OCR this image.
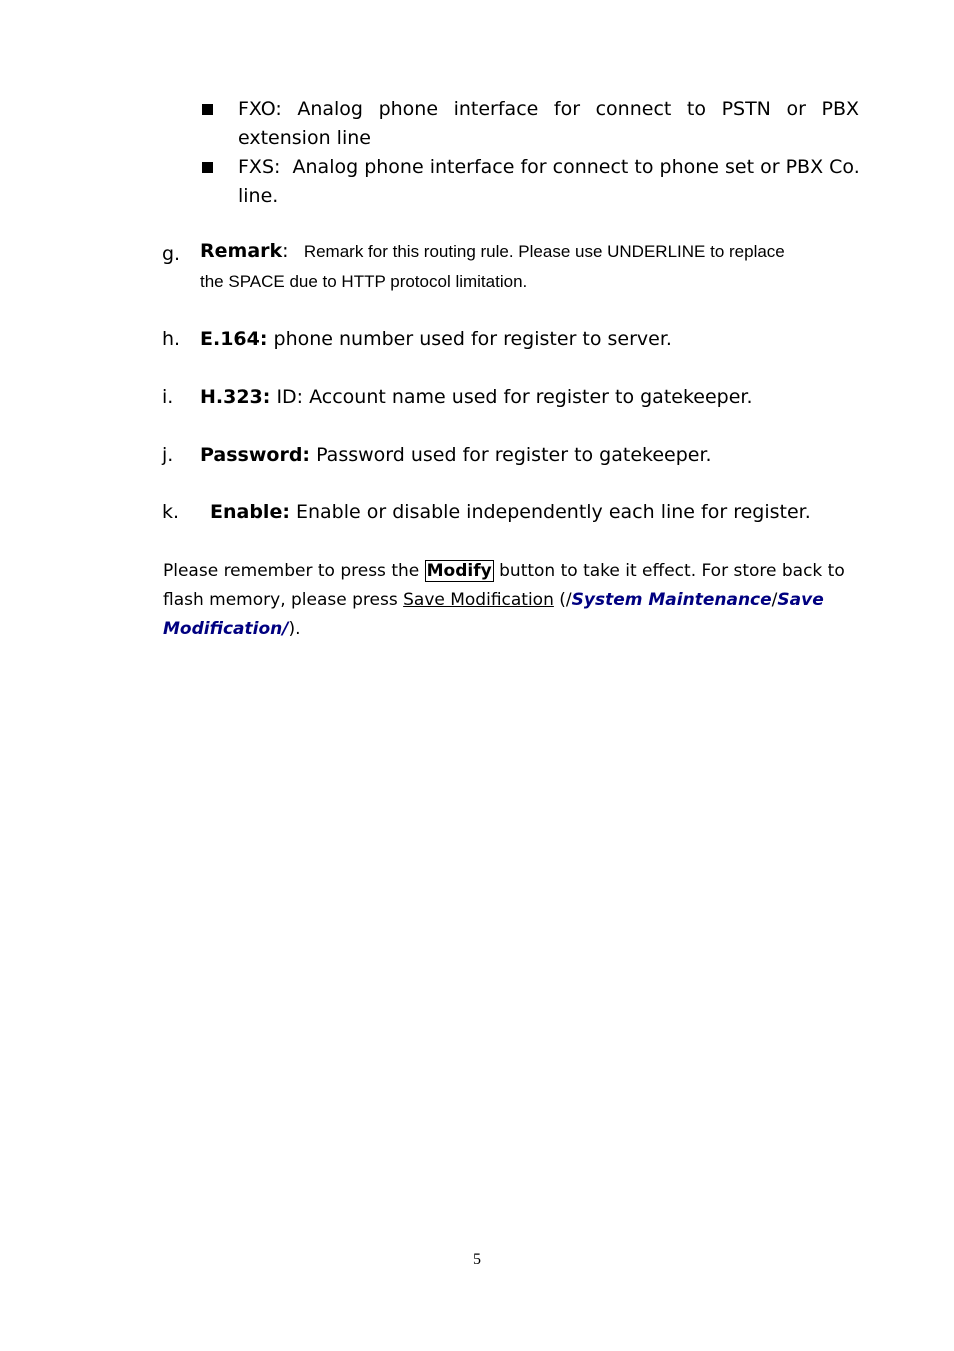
FXO: Analog phone interface for connect to PSTN or PBX
extension line
FXS: Analog phone interface for connect to phone set or PBX Co.
line.
g. Remark: Remark for this routing rule. Please use UNDERLINE to replace
the SPACE due to HTTP protocol limitation.
h. E.164: phone number used for register to server.
i. H.323: ID: Account name used for register to gatekeeper.
j. Password: Password used for register to gatekeeper.
k. Enable: Enable or disable independently each line for register.
Please remember to press the Modify button to take it effect. For store back to
flash memory, please press Save Modification (/System Maintenance/Save
Modification/).
5
